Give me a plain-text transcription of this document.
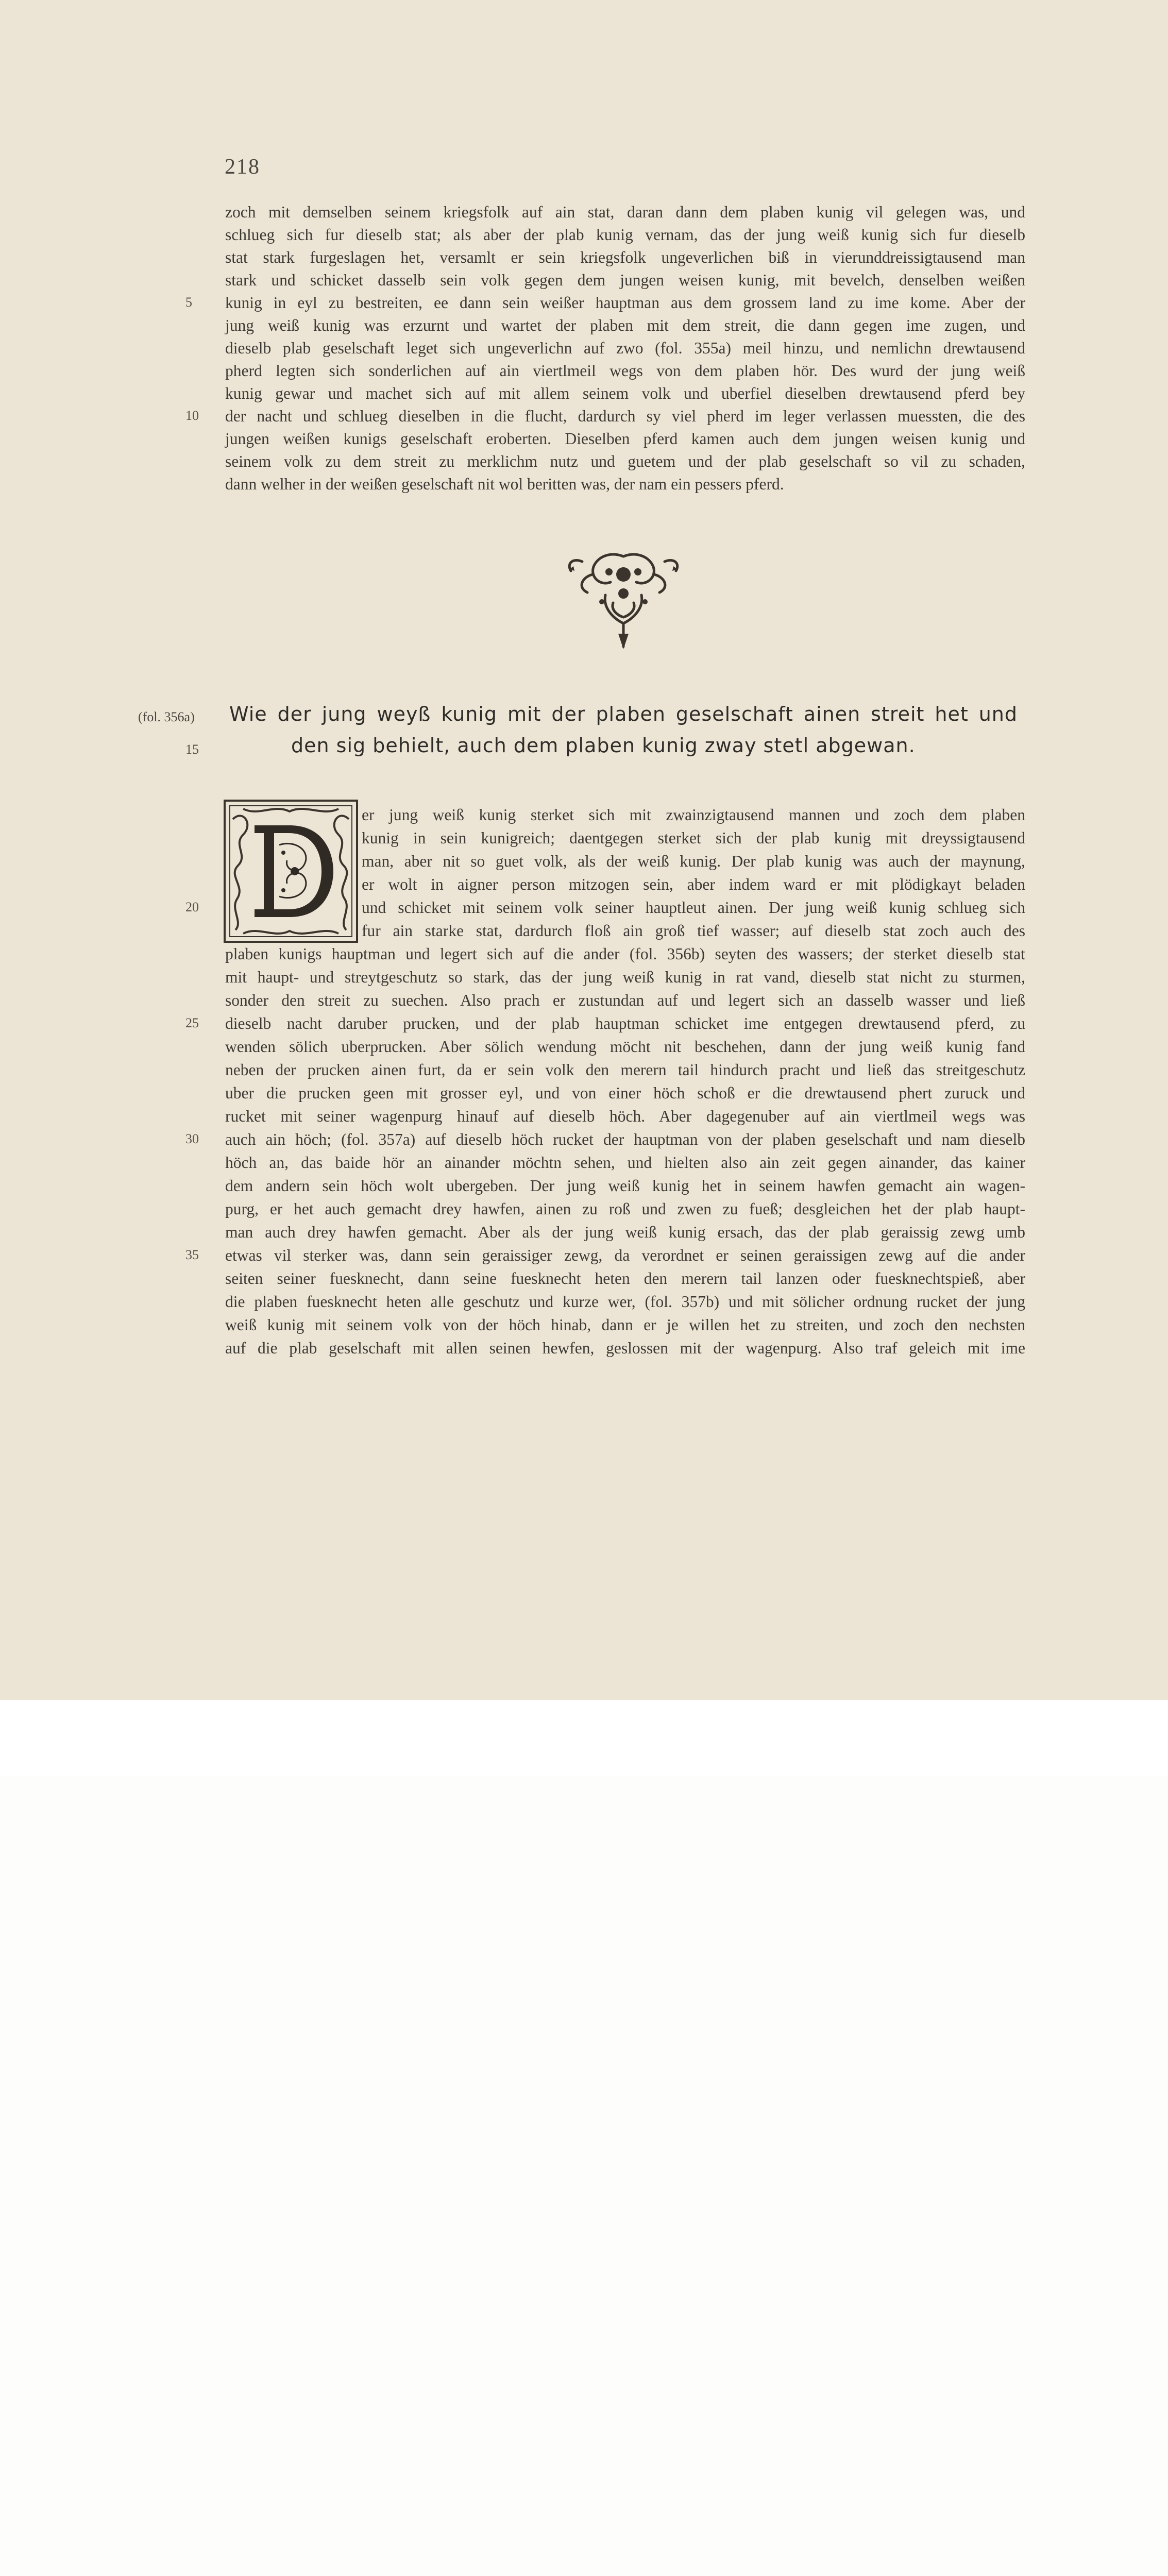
218
zoch mit demselben seinem kriegsfolk auf ain stat, daran dann dem plaben kunig vil gelegen was, und
schlueg sich fur dieselb stat; als aber der plab kunig vernam, das der jung weiß kunig sich fur dieselb
stat stark furgeslagen het, versamlt er sein kriegsfolk ungeverlichen biß in vierunddreissigtausend man
stark und schicket dasselb sein volk gegen dem jungen weisen kunig, mit bevelch, denselben weißen
kunig in eyl zu bestreiten, ee dann sein weißer hauptman aus dem grossem land zu ime kome. Aber der
jung weiß kunig was erzurnt und wartet der plaben mit dem streit, die dann gegen ime zugen, und
dieselb plab geselschaft leget sich ungeverlichn auf zwo (fol. 355a) meil hinzu, und nemlichn drewtausend
pherd legten sich sonderlichen auf ain viertlmeil wegs von dem plaben hör. Des wurd der jung weiß
kunig gewar und machet sich auf mit allem seinem volk und uberfiel dieselben drewtausend pferd bey
der nacht und schlueg dieselben in die flucht, dardurch sy viel pherd im leger verlassen muessten, die des
jungen weißen kunigs geselschaft eroberten. Dieselben pferd kamen auch dem jungen weisen kunig und
seinem volk zu dem streit zu merklichm nutz und guetem und der plab geselschaft so vil zu schaden,
dann welher in der weißen geselschaft nit wol beritten was, der nam ein pessers pferd.
5
10
(fol. 356a) Wie der jung weyß kunig mit der plaben geselschaft ainen streit het und
den sig behielt, auch dem plaben kunig zway stetl abgewan.
15
er jung weiß kunig sterket sich mit zwainzigtausend mannen und zoch dem plaben
kunig in sein kunigreich; daentgegen sterket sich der plab kunig mit dreyssigtausend
man, aber nit so guet volk, als der weiß kunig. Der plab kunig was auch der maynung,
er wolt in aigner person mitzogen sein, aber indem ward er mit plödigkayt beladen
und schicket mit seinem volk seiner hauptleut ainen. Der jung weiß kunig schlueg sich
fur ain starke stat, dardurch floß ain groß tief wasser; auf dieselb stat zoch auch des
20
plaben kunigs hauptman und legert sich auf die ander (fol. 356b) seyten des wassers; der sterket dieselb stat
mit haupt- und streytgeschutz so stark, das der jung weiß kunig in rat vand, dieselb stat nicht zu sturmen,
sonder den streit zu suechen. Also prach er zustundan auf und legert sich an dasselb wasser und ließ
dieselb nacht daruber prucken, und der plab hauptman schicket ime entgegen drewtausend pferd, zu
wenden sölich uberprucken. Aber sölich wendung möcht nit beschehen, dann der jung weiß kunig fand
neben der prucken ainen furt, da er sein volk den merern tail hindurch pracht und ließ das streitgeschutz
uber die prucken geen mit grosser eyl, und von einer höch schoß er die drewtausend phert zuruck und
rucket mit seiner wagenpurg hinauf auf dieselb höch. Aber dagegenuber auf ain viertlmeil wegs was
auch ain höch; (fol. 357a) auf dieselb höch rucket der hauptman von der plaben geselschaft und nam dieselb
höch an, das baide hör an ainander möchtn sehen, und hielten also ain zeit gegen ainander, das kainer
dem andern sein höch wolt ubergeben. Der jung weiß kunig het in seinem hawfen gemacht ain wagen-
purg, er het auch gemacht drey hawfen, ainen zu roß und zwen zu fueß; desgleichen het der plab haupt-
man auch drey hawfen gemacht. Aber als der jung weiß kunig ersach, das der plab geraissig zewg umb
etwas vil sterker was, dann sein geraissiger zewg, da verordnet er seinen geraissigen zewg auf die ander
seiten seiner fuesknecht, dann seine fuesknecht heten den merern tail lanzen oder fuesknechtspieß, aber
die plaben fuesknecht heten alle geschutz und kurze wer, (fol. 357b) und mit sölicher ordnung rucket der jung
weiß kunig mit seinem volk von der höch hinab, dann er je willen het zu streiten, und zoch den nechsten
auf die plab geselschaft mit allen seinen hewfen, geslossen mit der wagenpurg. Also traf geleich mit ime
25
30
35
